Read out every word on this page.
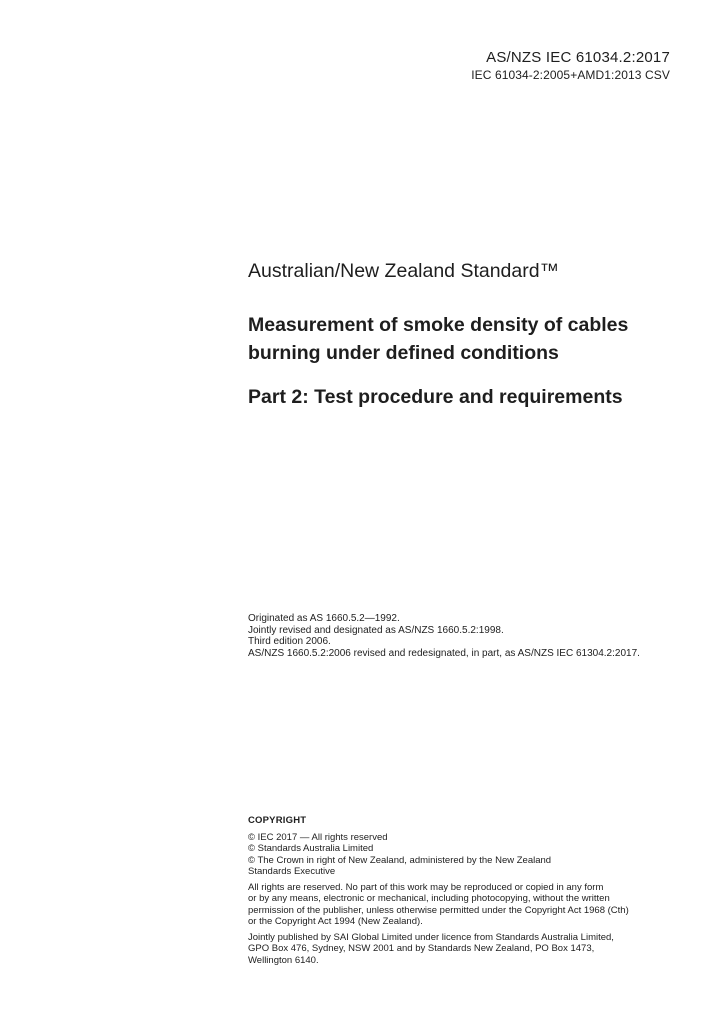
AS/NZS IEC 61034.2:2017
IEC 61034-2:2005+AMD1:2013 CSV
Australian/New Zealand Standard™
Measurement of smoke density of cables
burning under defined conditions
Part 2: Test procedure and requirements
Originated as AS 1660.5.2—1992.
Jointly revised and designated as AS/NZS 1660.5.2:1998.
Third edition 2006.
AS/NZS 1660.5.2:2006 revised and redesignated, in part, as AS/NZS IEC 61304.2:2017.
COPYRIGHT
© IEC 2017 — All rights reserved
© Standards Australia Limited
© The Crown in right of New Zealand, administered by the New Zealand
Standards Executive
All rights are reserved. No part of this work may be reproduced or copied in any form
or by any means, electronic or mechanical, including photocopying, without the written
permission of the publisher, unless otherwise permitted under the Copyright Act 1968 (Cth)
or the Copyright Act 1994 (New Zealand).
Jointly published by SAI Global Limited under licence from Standards Australia Limited,
GPO Box 476, Sydney, NSW 2001 and by Standards New Zealand, PO Box 1473,
Wellington 6140.
